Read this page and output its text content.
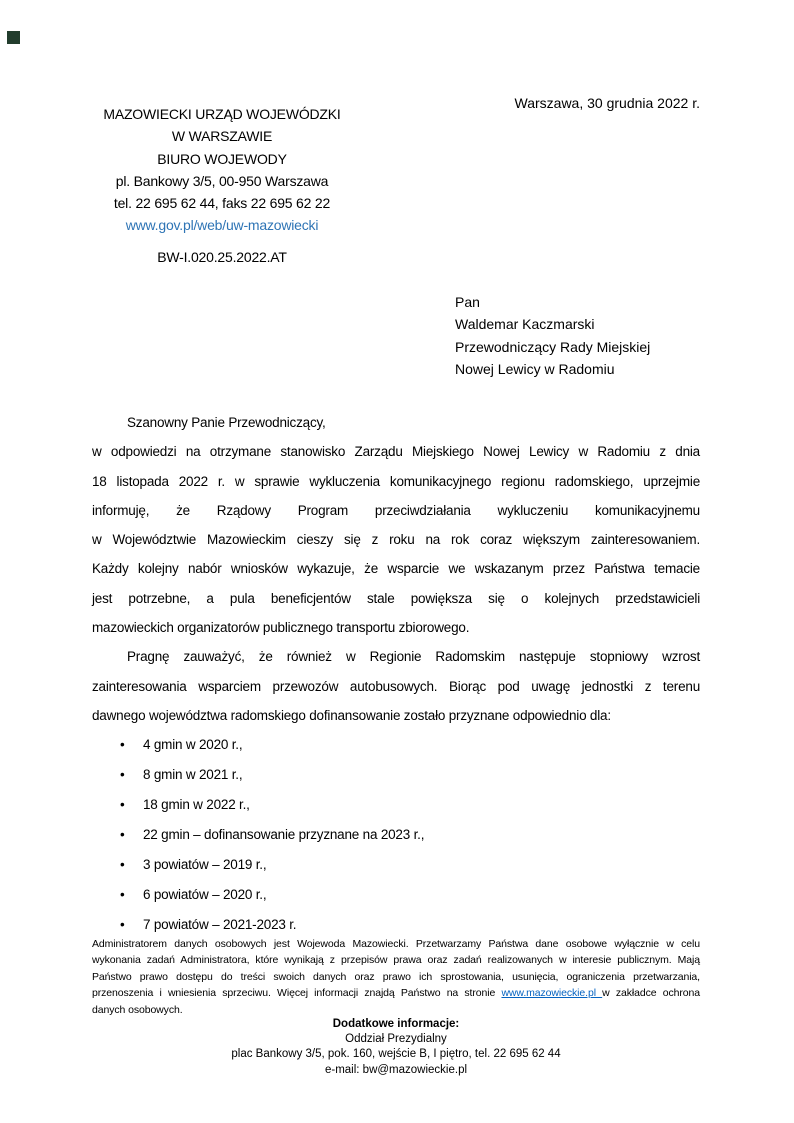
Warszawa, 30 grudnia 2022 r.
MAZOWIECKI URZĄD WOJEWÓDZKI
W WARSZAWIE
BIURO WOJEWODY
pl. Bankowy 3/5, 00-950 Warszawa
tel. 22 695 62 44, faks 22 695 62 22
www.gov.pl/web/uw-mazowiecki
BW-I.020.25.2022.AT
Pan
Waldemar Kaczmarski
Przewodniczący Rady Miejskiej
Nowej Lewicy w Radomiu
Szanowny Panie Przewodniczący,
w odpowiedzi na otrzymane stanowisko Zarządu Miejskiego Nowej Lewicy w Radomiu z dnia
18 listopada 2022 r. w sprawie wykluczenia komunikacyjnego regionu radomskiego, uprzejmie
informuję, że Rządowy Program przeciwdziałania wykluczeniu komunikacyjnemu
w Województwie Mazowieckim cieszy się z roku na rok coraz większym zainteresowaniem.
Każdy kolejny nabór wniosków wykazuje, że wsparcie we wskazanym przez Państwa temacie
jest potrzebne, a pula beneficjentów stale powiększa się o kolejnych przedstawicieli
mazowieckich organizatorów publicznego transportu zbiorowego.
Pragnę zauważyć, że również w Regionie Radomskim następuje stopniowy wzrost
zainteresowania wsparciem przewozów autobusowych. Biorąc pod uwagę jednostki z terenu
dawnego województwa radomskiego dofinansowanie zostało przyznane odpowiednio dla:
• 4 gmin w 2020 r.,
• 8 gmin w 2021 r.,
• 18 gmin w 2022 r.,
• 22 gmin – dofinansowanie przyznane na 2023 r.,
• 3 powiatów – 2019 r.,
• 6 powiatów – 2020 r.,
• 7 powiatów – 2021-2023 r.
Administratorem danych osobowych jest Wojewoda Mazowiecki. Przetwarzamy Państwa dane osobowe wyłącznie w celu
wykonania zadań Administratora, które wynikają z przepisów prawa oraz zadań realizowanych w interesie publicznym. Mają
Państwo prawo dostępu do treści swoich danych oraz prawo ich sprostowania, usunięcia, ograniczenia przetwarzania,
przenoszenia i wniesienia sprzeciwu. Więcej informacji znajdą Państwo na stronie www.mazowieckie.pl w zakładce ochrona
danych osobowych.
Dodatkowe informacje:
Oddział Prezydialny
plac Bankowy 3/5, pok. 160, wejście B, I piętro, tel. 22 695 62 44
e-mail: bw@mazowieckie.pl
